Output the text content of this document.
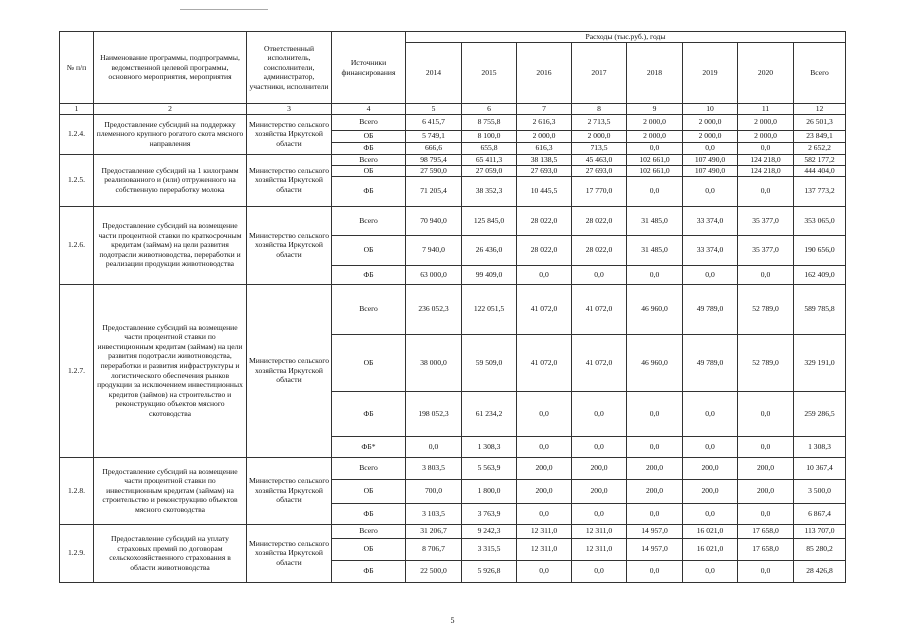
№ п/п	Наименование программы, подпрограммы, ведомственной целевой программы, основного мероприятия, мероприятия	Ответственный исполнитель, соисполнители, администратор, участники, исполнители	Источники финансирования	Расходы (тыс.руб.), годы							
				2014	2015	2016	2017	2018	2019	2020	Всего
1	2	3	4	5	6	7	8	9	10	11	12
1.2.4.	Предоставление субсидий на поддержку племенного крупного рогатого скота мясного направления	Министерство сельского хозяйства Иркутской области	Всего	6 415,7	8 755,8	2 616,3	2 713,5	2 000,0	2 000,0	2 000,0	26 501,3
			ОБ	5 749,1	8 100,0	2 000,0	2 000,0	2 000,0	2 000,0	2 000,0	23 849,1
			ФБ	666,6	655,8	616,3	713,5	0,0	0,0	0,0	2 652,2
1.2.5.	Предоставление субсидий на 1 килограмм реализованного и (или) отгруженного на собственную переработку молока	Министерство сельского хозяйства Иркутской области	Всего	98 795,4	65 411,3	38 138,5	45 463,0	102 661,0	107 490,0	124 218,0	582 177,2
			ОБ	27 590,0	27 059,0	27 693,0	27 693,0	102 661,0	107 490,0	124 218,0	444 404,0
			ФБ	71 205,4	38 352,3	10 445,5	17 770,0	0,0	0,0	0,0	137 773,2
1.2.6.	Предоставление субсидий на возмещение части процентной ставки по краткосрочным кредитам (займам) на цели развития подотрасли животноводства, переработки и реализации продукции животноводства	Министерство сельского хозяйства Иркутской области	Всего	70 940,0	125 845,0	28 022,0	28 022,0	31 485,0	33 374,0	35 377,0	353 065,0
			ОБ	7 940,0	26 436,0	28 022,0	28 022,0	31 485,0	33 374,0	35 377,0	190 656,0
			ФБ	63 000,0	99 409,0	0,0	0,0	0,0	0,0	0,0	162 409,0
1.2.7.	Предоставление субсидий на возмещение части процентной ставки по инвестиционным кредитам (займам) на цели развития подотрасли животноводства, переработки и развития инфраструктуры и логистического обеспечения рынков продукции за исключением инвестиционных кредитов (займов) на строительство и реконструкцию объектов мясного скотоводства	Министерство сельского хозяйства Иркутской области	Всего	236 052,3	122 051,5	41 072,0	41 072,0	46 960,0	49 789,0	52 789,0	589 785,8
			ОБ	38 000,0	59 509,0	41 072,0	41 072,0	46 960,0	49 789,0	52 789,0	329 191,0
			ФБ	198 052,3	61 234,2	0,0	0,0	0,0	0,0	0,0	259 286,5
			ФБ*	0,0	1 308,3	0,0	0,0	0,0	0,0	0,0	1 308,3
1.2.8.	Предоставление субсидий на возмещение части процентной ставки по инвестиционным кредитам (займам) на строительство и реконструкцию объектов мясного скотоводства	Министерство сельского хозяйства Иркутской области	Всего	3 803,5	5 563,9	200,0	200,0	200,0	200,0	200,0	10 367,4
			ОБ	700,0	1 800,0	200,0	200,0	200,0	200,0	200,0	3 500,0
			ФБ	3 103,5	3 763,9	0,0	0,0	0,0	0,0	0,0	6 867,4
1.2.9.	Предоставление субсидий на уплату страховых премий по договорам сельскохозяйственного страхования в области животноводства	Министерство сельского хозяйства Иркутской области	Всего	31 206,7	9 242,3	12 311,0	12 311,0	14 957,0	16 021,0	17 658,0	113 707,0
			ОБ	8 706,7	3 315,5	12 311,0	12 311,0	14 957,0	16 021,0	17 658,0	85 280,2
			ФБ	22 500,0	5 926,8	0,0	0,0	0,0	0,0	0,0	28 426,8
5
